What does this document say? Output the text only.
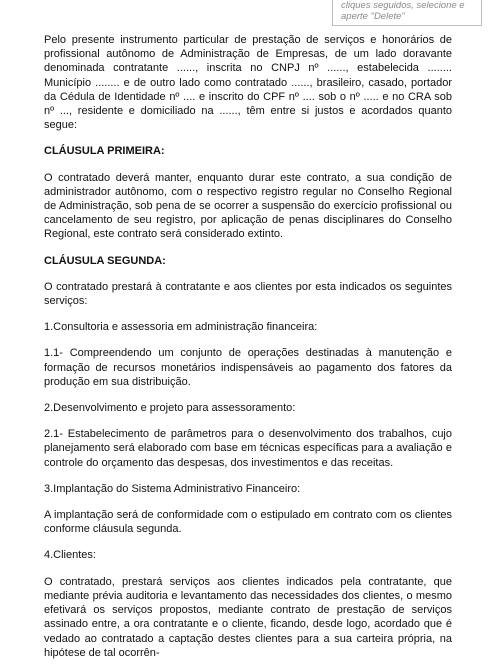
cliques seguidos, selecione e aperte "Delete"

Pelo presente instrumento particular de prestação de serviços e honorários de profissional autônomo de Administração de Empresas, de um lado doravante denominada contratante ......, inscrita no CNPJ nº ......, estabelecida ........ Município ........ e de outro lado como contratado ......, brasileiro, casado, portador da Cédula de Identidade nº .... e inscrito do CPF nº .... sob o nº ..... e no CRA sob nº ..., residente e domiciliado na ......, têm entre si justos e acordados quanto segue:

CLÁUSULA PRIMEIRA:

O contratado deverá manter, enquanto durar este contrato, a sua condição de administrador autônomo, com o respectivo registro regular no Conselho Regional de Administração, sob pena de se ocorrer a suspensão do exercício profissional ou cancelamento de seu registro, por aplicação de penas disciplinares do Conselho Regional, este contrato será considerado extinto.

CLÁUSULA SEGUNDA:

O contratado prestará à contratante e aos clientes por esta indicados os seguintes serviços:

1.Consultoria e assessoria em administração financeira:

1.1- Compreendendo um conjunto de operações destinadas à manutenção e formação de recursos monetários indispensáveis ao pagamento dos fatores da produção em sua distribuição.

2.Desenvolvimento e projeto para assessoramento:

2.1- Estabelecimento de parâmetros para o desenvolvimento dos trabalhos, cujo planejamento será elaborado com base em técnicas específicas para a avaliação e controle do orçamento das despesas, dos investimentos e das receitas.

3.Implantação do Sistema Administrativo Financeiro:

A implantação será de conformidade com o estipulado em contrato com os clientes conforme cláusula segunda.

4.Clientes:

O contratado, prestará serviços aos clientes indicados pela contratante, que mediante prévia auditoria e levantamento das necessidades dos clientes, o mesmo efetivará os serviços propostos, mediante contrato de prestação de serviços assinado entre, a ora contratante e o cliente, ficando, desde logo, acordado que é vedado ao contratado a captação destes clientes para a sua carteira própria, na hipótese de tal ocorrên-
